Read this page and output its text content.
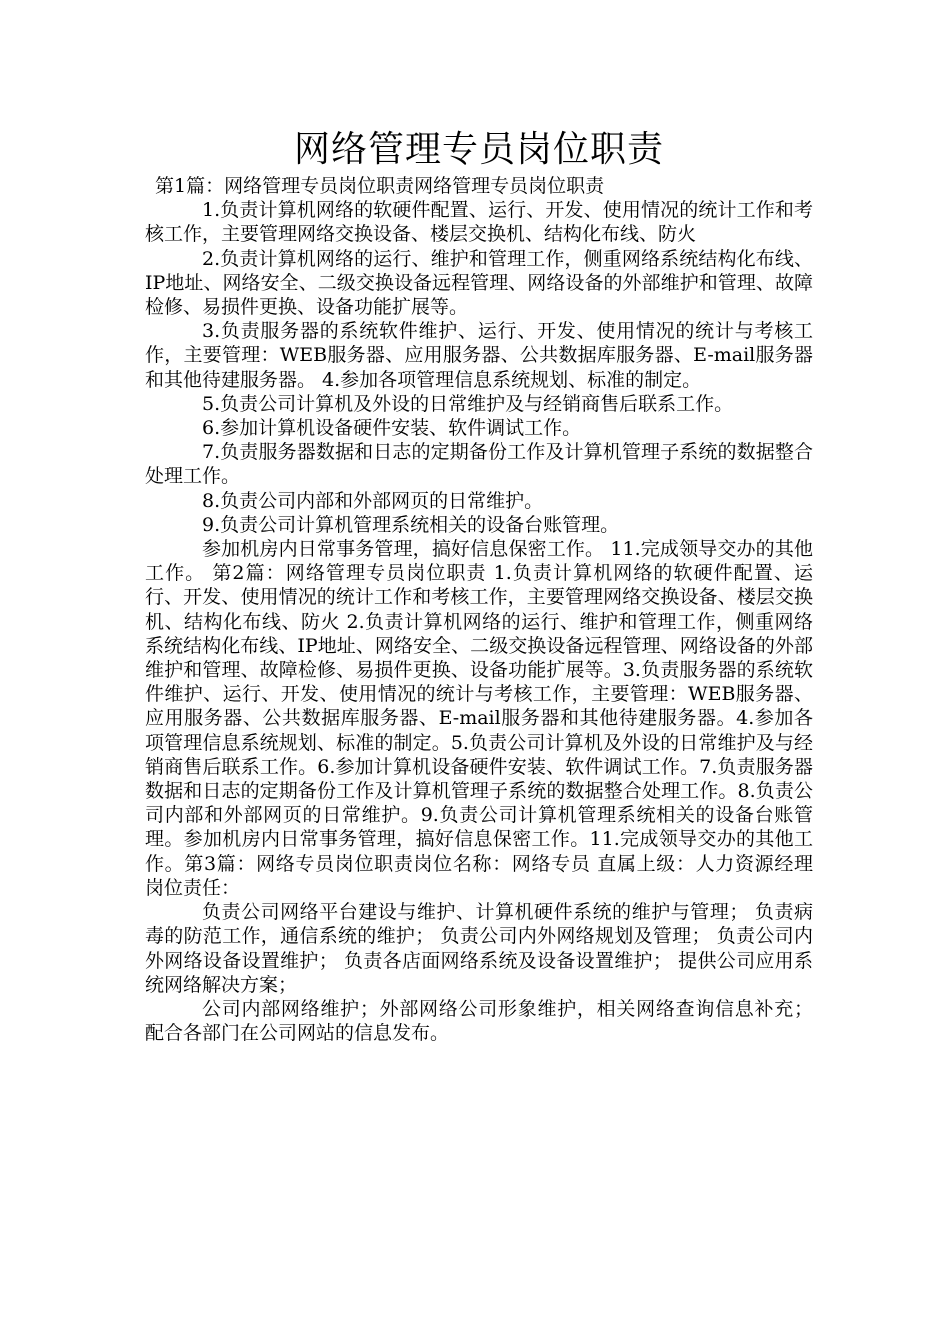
网络管理专员岗位职责

第1篇：网络管理专员岗位职责网络管理专员岗位职责

1.负责计算机网络的软硬件配置、运行、开发、使用情况的统计工作和考核工作，主要管理网络交换设备、楼层交换机、结构化布线、防火

2.负责计算机网络的运行、维护和管理工作，侧重网络系统结构化布线、IP地址、网络安全、二级交换设备远程管理、网络设备的外部维护和管理、故障检修、易损件更换、设备功能扩展等。

3.负责服务器的系统软件维护、运行、开发、使用情况的统计与考核工作，主要管理：WEB服务器、应用服务器、公共数据库服务器、E-mail服务器和其他待建服务器。 4.参加各项管理信息系统规划、标准的制定。

5.负责公司计算机及外设的日常维护及与经销商售后联系工作。

6.参加计算机设备硬件安装、软件调试工作。

7.负责服务器数据和日志的定期备份工作及计算机管理子系统的数据整合处理工作。

8.负责公司内部和外部网页的日常维护。

9.负责公司计算机管理系统相关的设备台账管理。

参加机房内日常事务管理，搞好信息保密工作。 11.完成领导交办的其他工作。 第2篇：网络管理专员岗位职责 1.负责计算机网络的软硬件配置、运行、开发、使用情况的统计工作和考核工作，主要管理网络交换设备、楼层交换机、结构化布线、防火 2.负责计算机网络的运行、维护和管理工作，侧重网络系统结构化布线、IP地址、网络安全、二级交换设备远程管理、网络设备的外部维护和管理、故障检修、易损件更换、设备功能扩展等。3.负责服务器的系统软件维护、运行、开发、使用情况的统计与考核工作，主要管理：WEB服务器、应用服务器、公共数据库服务器、E-mail服务器和其他待建服务器。4.参加各项管理信息系统规划、标准的制定。5.负责公司计算机及外设的日常维护及与经销商售后联系工作。6.参加计算机设备硬件安装、软件调试工作。7.负责服务器数据和日志的定期备份工作及计算机管理子系统的数据整合处理工作。8.负责公司内部和外部网页的日常维护。9.负责公司计算机管理系统相关的设备台账管理。参加机房内日常事务管理，搞好信息保密工作。11.完成领导交办的其他工作。第3篇：网络专员岗位职责岗位名称：网络专员 直属上级：人力资源经理 岗位责任：

负责公司网络平台建设与维护、计算机硬件系统的维护与管理； 负责病毒的防范工作，通信系统的维护； 负责公司内外网络规划及管理； 负责公司内外网络设备设置维护； 负责各店面网络系统及设备设置维护； 提供公司应用系统网络解决方案；

公司内部网络维护；外部网络公司形象维护，相关网络查询信息补充； 配合各部门在公司网站的信息发布。
